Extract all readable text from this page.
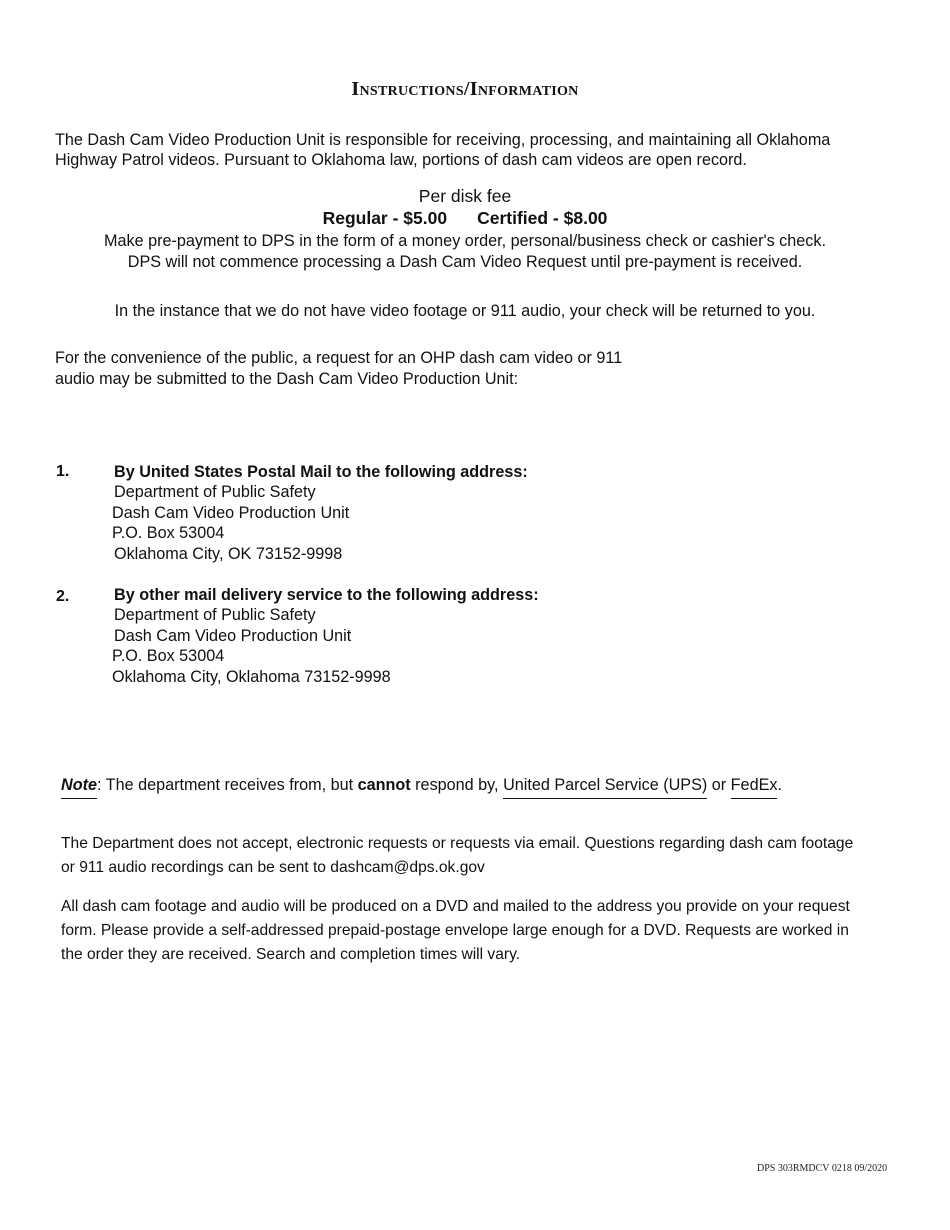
Instructions/Information
The Dash Cam Video Production Unit is responsible for receiving, processing, and maintaining all Oklahoma
Highway Patrol videos. Pursuant to Oklahoma law, portions of dash cam videos are open record.
Per disk fee
Regular - $5.00 Certified - $8.00
Make pre-payment to DPS in the form of a money order, personal/business check or cashier's check.
DPS will not commence processing a Dash Cam Video Request until pre-payment is received.
In the instance that we do not have video footage or 911 audio, your check will be returned to you.
For the convenience of the public, a request for an OHP dash cam video or 911
audio may be submitted to the Dash Cam Video Production Unit:
1.	By United States Postal Mail to the following address:
Department of Public Safety
Dash Cam Video Production Unit
P.O. Box 53004
Oklahoma City, OK 73152-9998
2.	By other mail delivery service to the following address:
Department of Public Safety
Dash Cam Video Production Unit
P.O. Box 53004
Oklahoma City, Oklahoma 73152-9998
Note: The department receives from, but cannot respond by, United Parcel Service (UPS) or FedEx.
The Department does not accept, electronic requests or requests via email. Questions regarding dash cam footage or 911 audio recordings can be sent to dashcam@dps.ok.gov
All dash cam footage and audio will be produced on a DVD and mailed to the address you provide on your request form. Please provide a self-addressed prepaid-postage envelope large enough for a DVD. Requests are worked in the order they are received. Search and completion times will vary.
DPS 303RMDCV 0218 09/2020
